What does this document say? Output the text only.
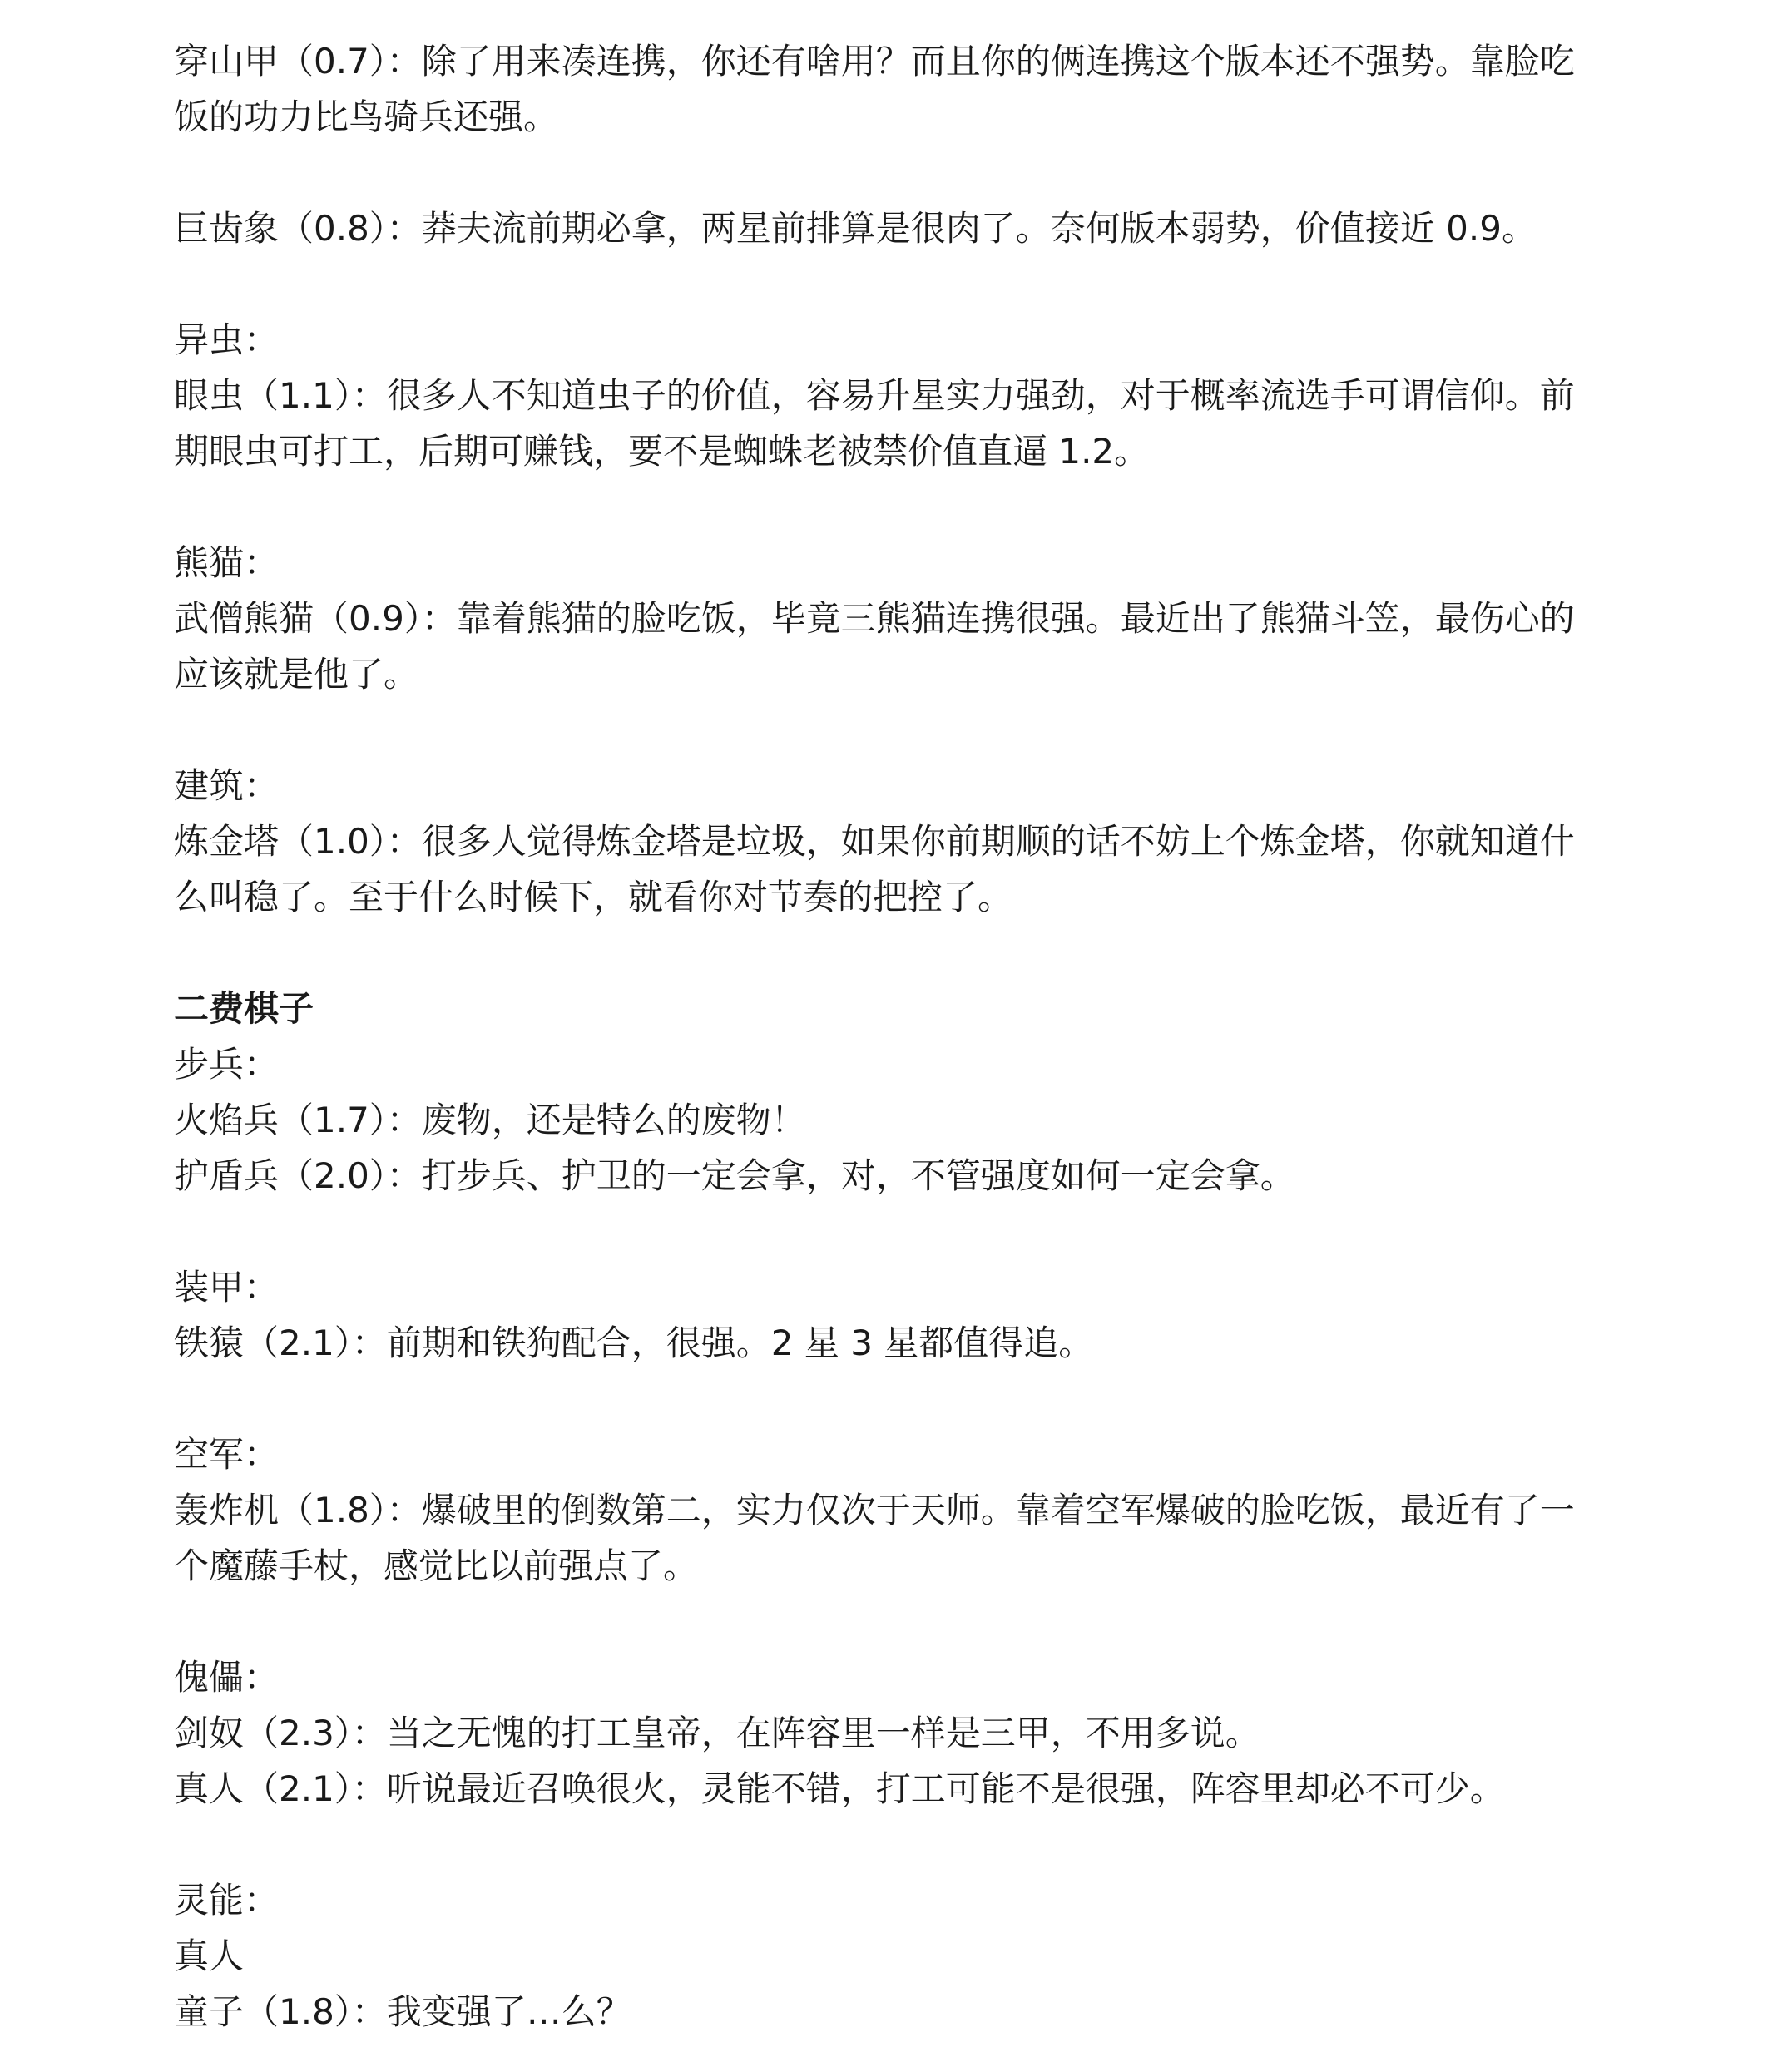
穿山甲（0.7）：除了用来凑连携，你还有啥用？而且你的俩连携这个版本还不强势。靠脸吃
饭的功力比鸟骑兵还强。
巨齿象（0.8）：莽夫流前期必拿，两星前排算是很肉了。奈何版本弱势，价值接近 0.9。
异虫：
眼虫（1.1）：很多人不知道虫子的价值，容易升星实力强劲，对于概率流选手可谓信仰。前
期眼虫可打工，后期可赚钱，要不是蜘蛛老被禁价值直逼 1.2。
熊猫：
武僧熊猫（0.9）：靠着熊猫的脸吃饭，毕竟三熊猫连携很强。最近出了熊猫斗笠，最伤心的
应该就是他了。
建筑：
炼金塔（1.0）：很多人觉得炼金塔是垃圾，如果你前期顺的话不妨上个炼金塔，你就知道什
么叫稳了。至于什么时候下，就看你对节奏的把控了。
二费棋子
步兵：
火焰兵（1.7）：废物，还是特么的废物！
护盾兵（2.0）：打步兵、护卫的一定会拿，对，不管强度如何一定会拿。
装甲：
铁猿（2.1）：前期和铁狗配合，很强。2 星 3 星都值得追。
空军：
轰炸机（1.8）：爆破里的倒数第二，实力仅次于天师。靠着空军爆破的脸吃饭，最近有了一
个魔藤手杖，感觉比以前强点了。
傀儡：
剑奴（2.3）：当之无愧的打工皇帝，在阵容里一样是三甲，不用多说。
真人（2.1）：听说最近召唤很火，灵能不错，打工可能不是很强，阵容里却必不可少。
灵能：
真人
童子（1.8）：我变强了…么？
